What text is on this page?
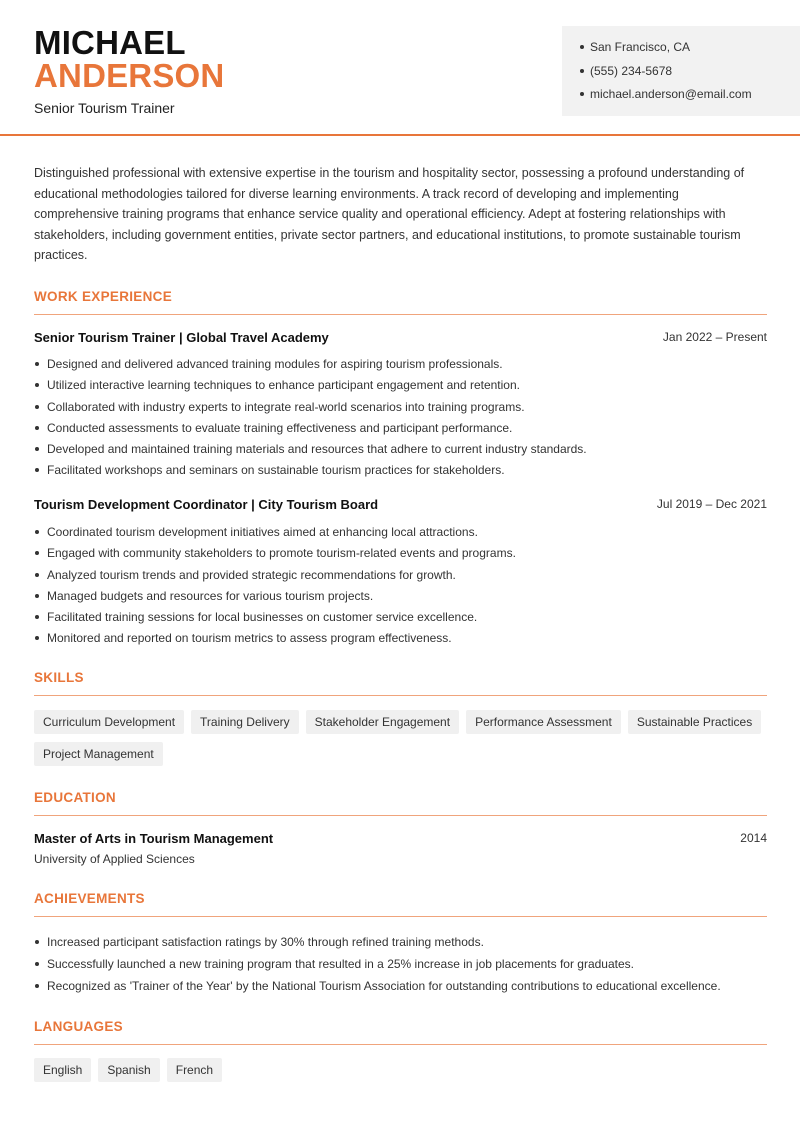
MICHAEL
ANDERSON
Senior Tourism Trainer
San Francisco, CA
(555) 234-5678
michael.anderson@email.com
Distinguished professional with extensive expertise in the tourism and hospitality sector, possessing a profound understanding of educational methodologies tailored for diverse learning environments. A track record of developing and implementing comprehensive training programs that enhance service quality and operational efficiency. Adept at fostering relationships with stakeholders, including government entities, private sector partners, and educational institutions, to promote sustainable tourism practices.
WORK EXPERIENCE
Senior Tourism Trainer | Global Travel Academy	Jan 2022 – Present
Designed and delivered advanced training modules for aspiring tourism professionals.
Utilized interactive learning techniques to enhance participant engagement and retention.
Collaborated with industry experts to integrate real-world scenarios into training programs.
Conducted assessments to evaluate training effectiveness and participant performance.
Developed and maintained training materials and resources that adhere to current industry standards.
Facilitated workshops and seminars on sustainable tourism practices for stakeholders.
Tourism Development Coordinator | City Tourism Board	Jul 2019 – Dec 2021
Coordinated tourism development initiatives aimed at enhancing local attractions.
Engaged with community stakeholders to promote tourism-related events and programs.
Analyzed tourism trends and provided strategic recommendations for growth.
Managed budgets and resources for various tourism projects.
Facilitated training sessions for local businesses on customer service excellence.
Monitored and reported on tourism metrics to assess program effectiveness.
SKILLS
Curriculum Development	Training Delivery	Stakeholder Engagement	Performance Assessment	Sustainable Practices
Project Management
EDUCATION
Master of Arts in Tourism Management	2014
University of Applied Sciences
ACHIEVEMENTS
Increased participant satisfaction ratings by 30% through refined training methods.
Successfully launched a new training program that resulted in a 25% increase in job placements for graduates.
Recognized as 'Trainer of the Year' by the National Tourism Association for outstanding contributions to educational excellence.
LANGUAGES
English	Spanish	French
